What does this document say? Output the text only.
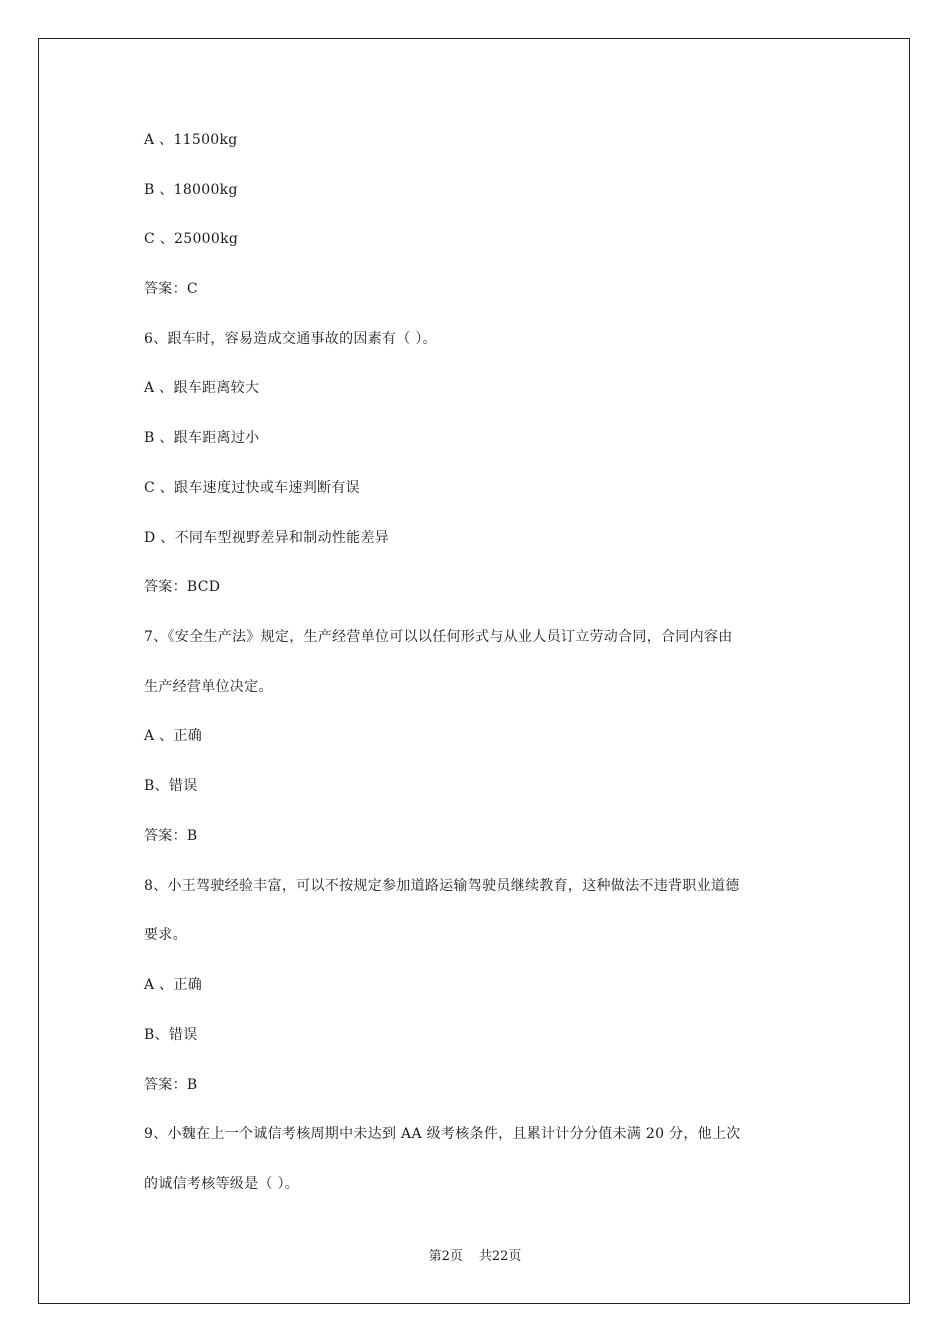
A 、11500kg
B 、18000kg
C 、25000kg
答案：C
6、跟车时，容易造成交通事故的因素有（ ）。
A 、跟车距离较大
B 、跟车距离过小
C 、跟车速度过快或车速判断有误
D 、不同车型视野差异和制动性能差异
答案：BCD
7、《安全生产法》规定，生产经营单位可以以任何形式与从业人员订立劳动合同，合同内容由
生产经营单位决定。
A 、正确
B、错误
答案：B
8、小王驾驶经验丰富，可以不按规定参加道路运输驾驶员继续教育，这种做法不违背职业道德
要求。
A 、正确
B、错误
答案：B
9、小魏在上一个诚信考核周期中未达到 AA 级考核条件，且累计计分分值未满 20 分，他上次
的诚信考核等级是（ ）。
第2页 共22页
